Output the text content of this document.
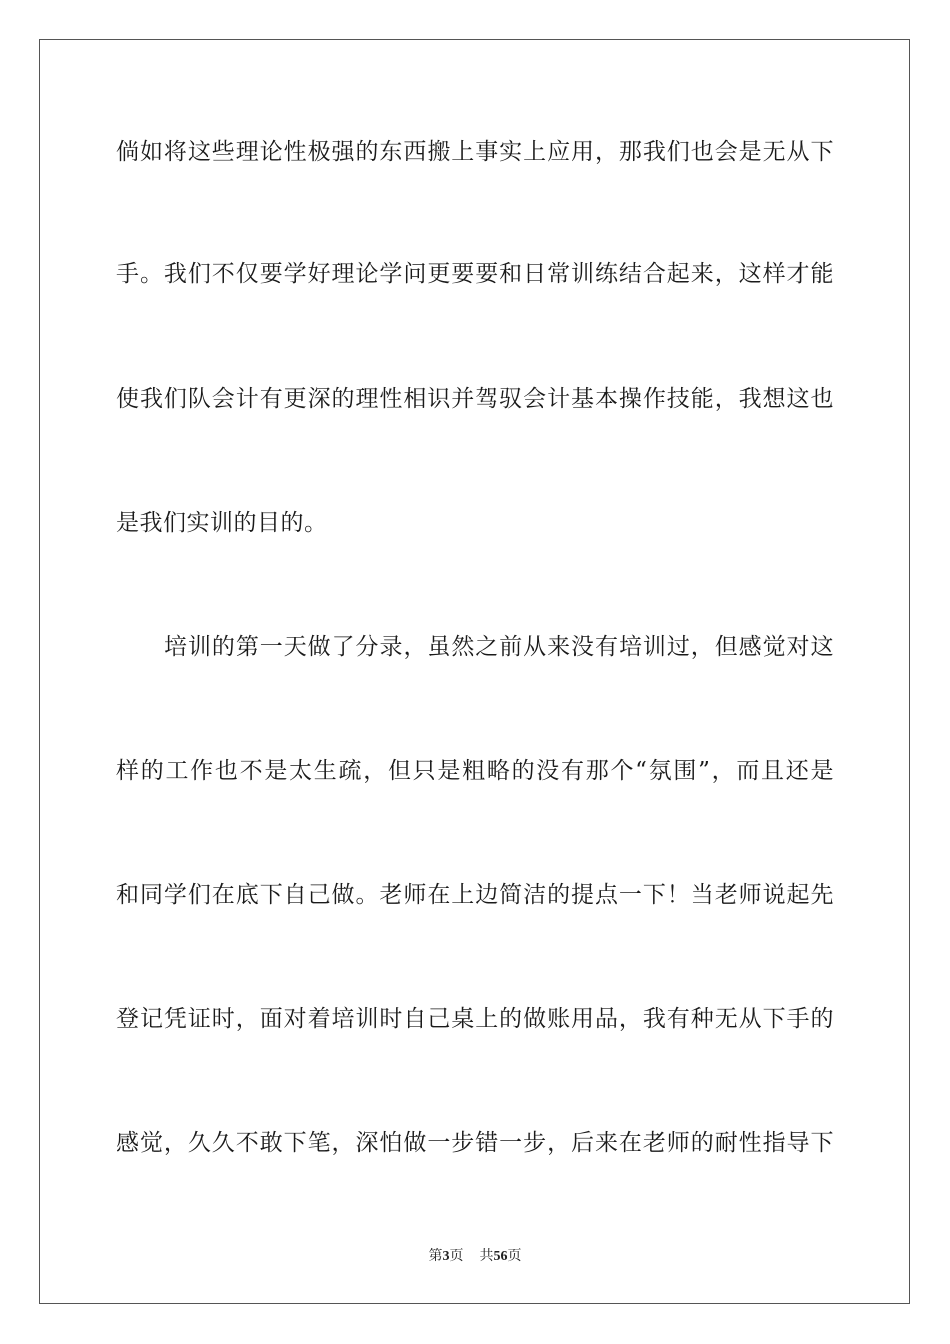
倘如将这些理论性极强的东西搬上事实上应用，那我们也会是无从下
手。我们不仅要学好理论学问更要要和日常训练结合起来，这样才能
使我们队会计有更深的理性相识并驾驭会计基本操作技能，我想这也
是我们实训的目的。
培训的第一天做了分录，虽然之前从来没有培训过，但感觉对这
样的工作也不是太生疏，但只是粗略的没有那个“氛围”，而且还是
和同学们在底下自己做。老师在上边简洁的提点一下！当老师说起先
登记凭证时，面对着培训时自己桌上的做账用品，我有种无从下手的
感觉，久久不敢下笔，深怕做一步错一步，后来在老师的耐性指导下
第3页 共56页
